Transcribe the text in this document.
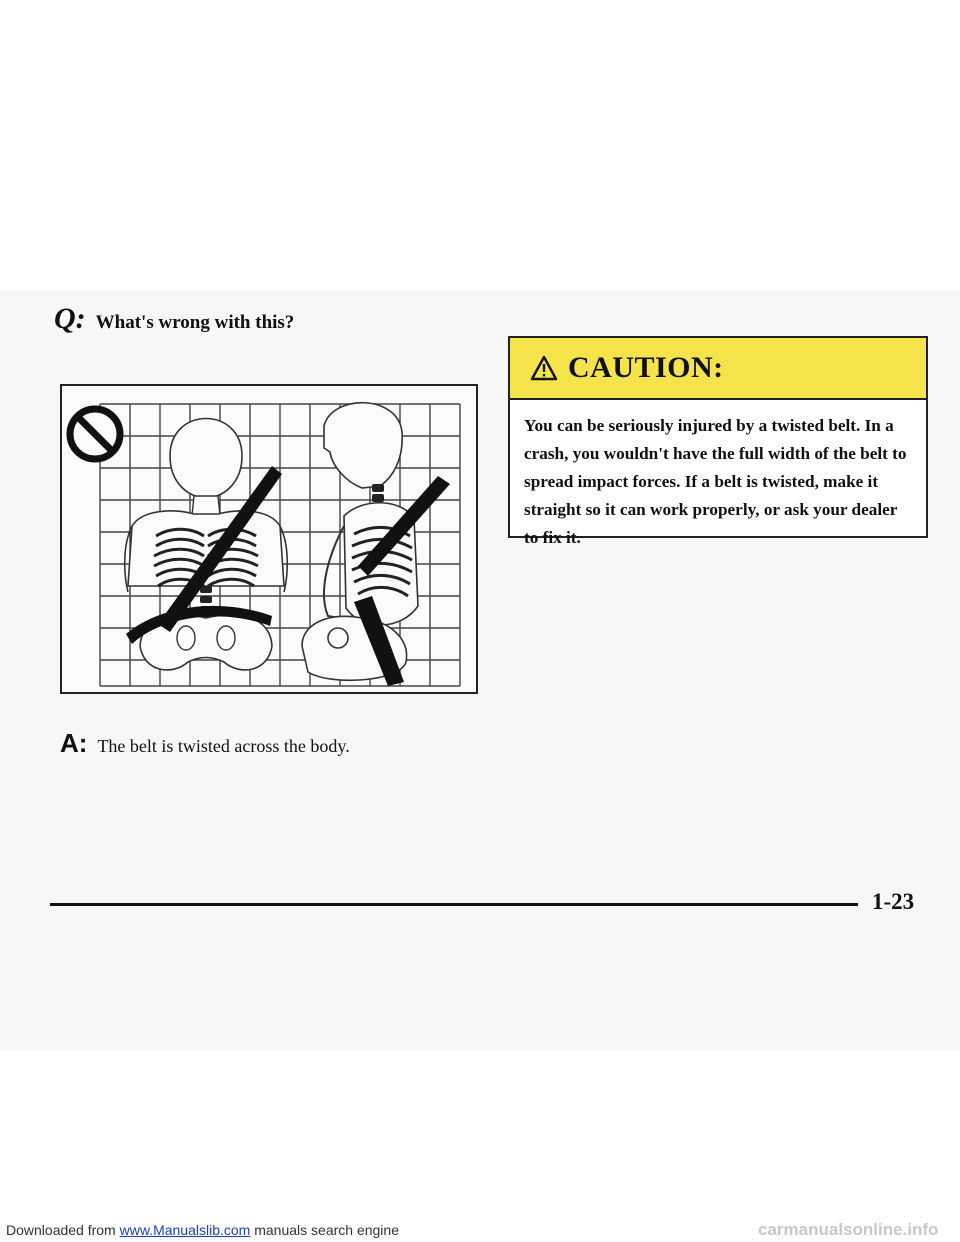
Q: What's wrong with this?
A: The belt is twisted across the body.
CAUTION:
You can be seriously injured by a twisted belt. In a crash, you wouldn't have the full width of the belt to spread impact forces. If a belt is twisted, make it straight so it can work properly, or ask your dealer to fix it.
1-23
Downloaded from www.Manualslib.com manuals search engine	carmanualsonline.info
